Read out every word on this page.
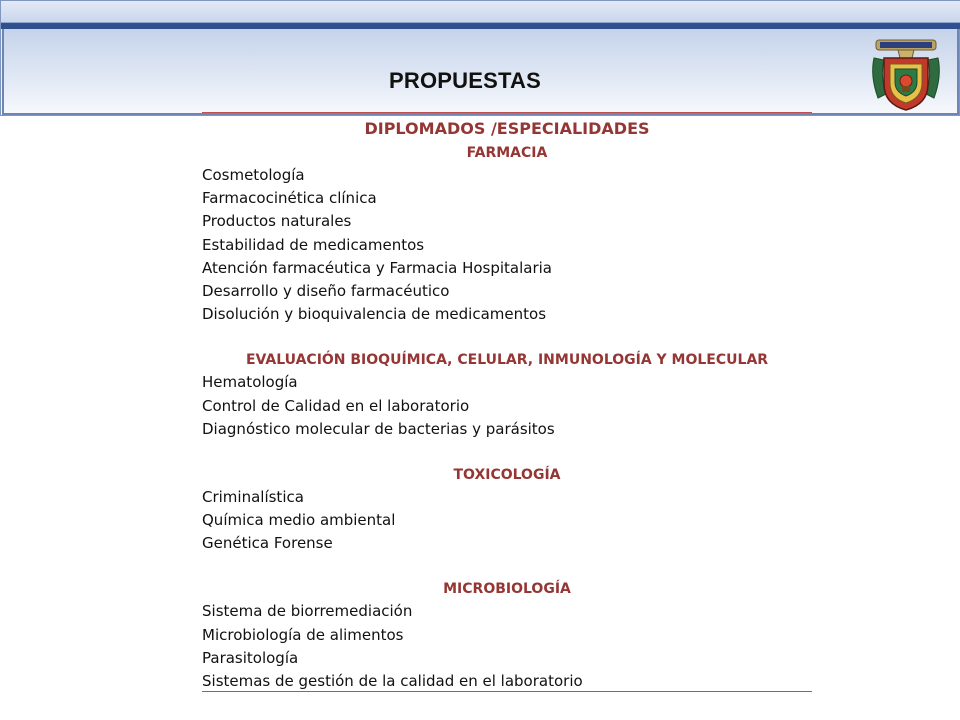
PROPUESTAS
DIPLOMADOS /ESPECIALIDADES
FARMACIA
Cosmetología
Farmacocinética clínica
Productos naturales
Estabilidad de medicamentos
Atención farmacéutica y Farmacia Hospitalaria
Desarrollo y diseño farmacéutico
Disolución y bioquivalencia de medicamentos
EVALUACIÓN BIOQUÍMICA, CELULAR, INMUNOLOGÍA Y MOLECULAR
Hematología
Control de Calidad en el laboratorio
Diagnóstico molecular de bacterias y parásitos
TOXICOLOGÍA
Criminalística
Química medio ambiental
Genética Forense
MICROBIOLOGÍA
Sistema de biorremediación
Microbiología de alimentos
Parasitología
Sistemas de gestión de la calidad en el laboratorio
